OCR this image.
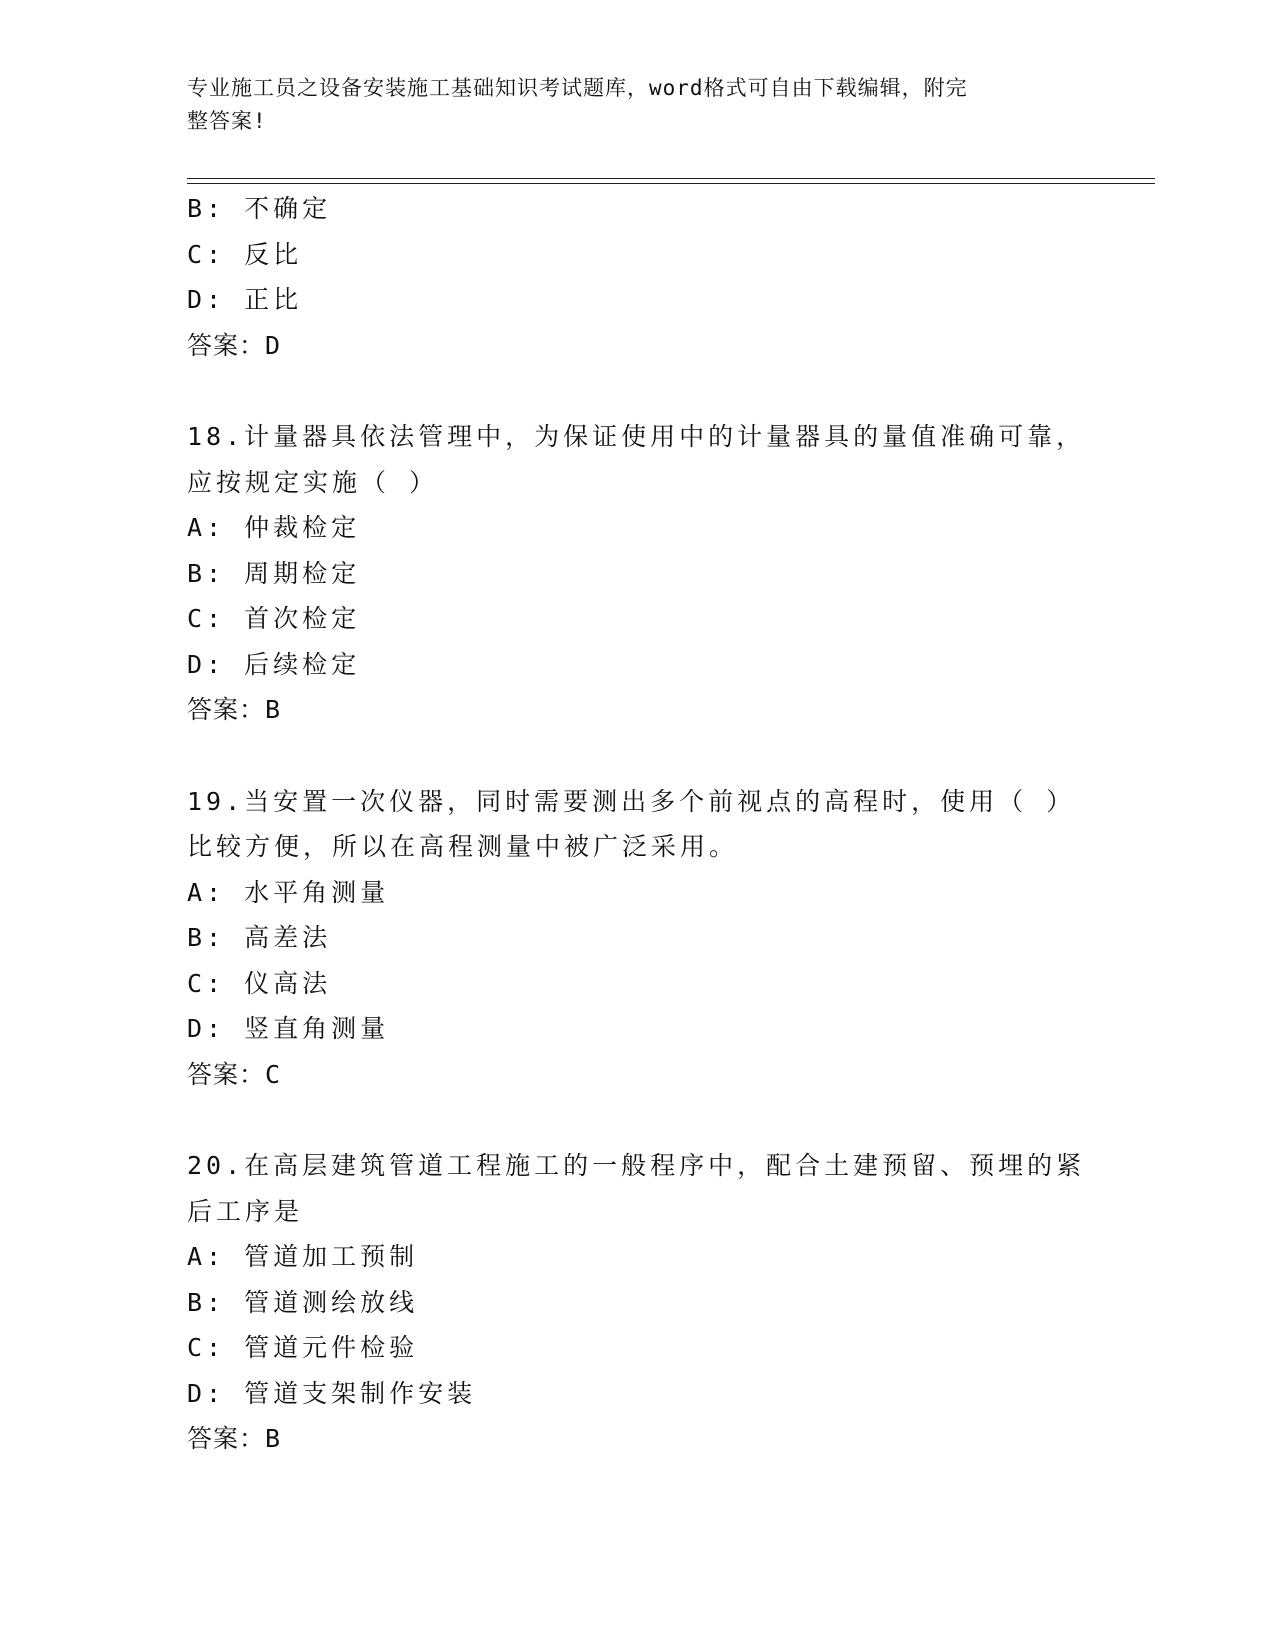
专业施工员之设备安装施工基础知识考试题库，word格式可自由下载编辑，附完
整答案!
B: 不确定
C: 反比
D: 正比
答案：D
18.计量器具依法管理中，为保证使用中的计量器具的量值准确可靠，
应按规定实施（ ）
A: 仲裁检定
B: 周期检定
C: 首次检定
D: 后续检定
答案：B
19.当安置一次仪器，同时需要测出多个前视点的高程时，使用（ ）
比较方便，所以在高程测量中被广泛采用。
A: 水平角测量
B: 高差法
C: 仪高法
D: 竖直角测量
答案：C
20.在高层建筑管道工程施工的一般程序中，配合土建预留、预埋的紧
后工序是
A: 管道加工预制
B: 管道测绘放线
C: 管道元件检验
D: 管道支架制作安装
答案：B
